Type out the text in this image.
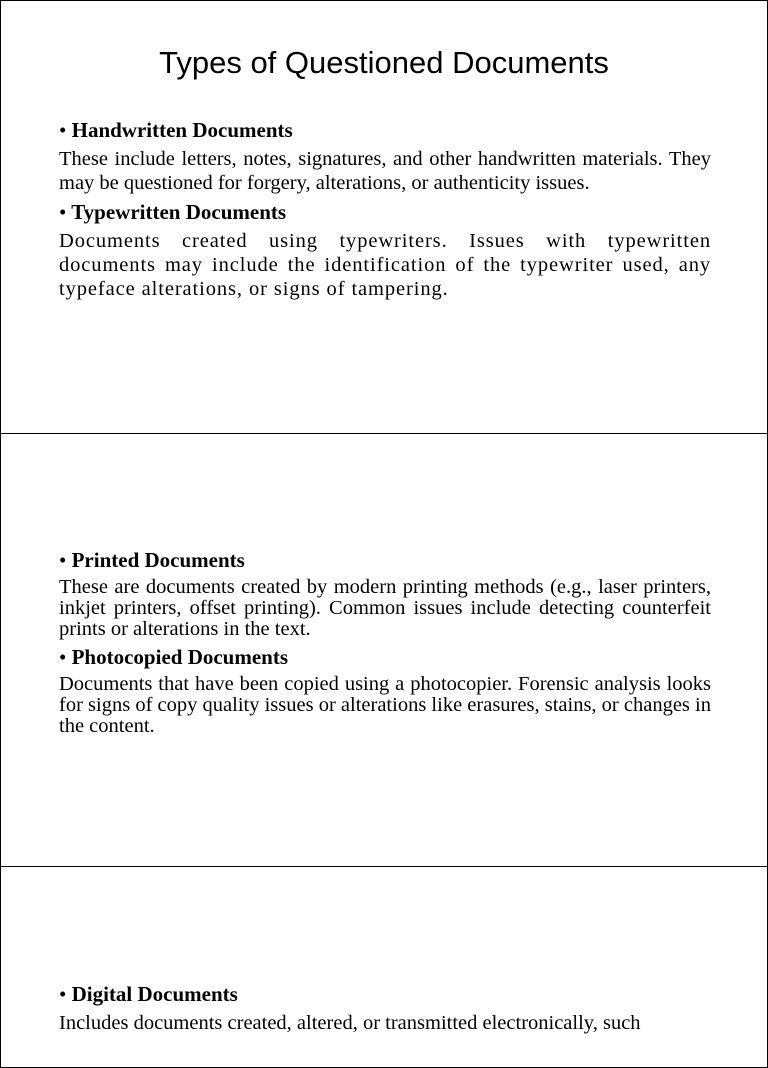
Types of Questioned Documents

• Handwritten Documents

These include letters, notes, signatures, and other handwritten materials. They may be questioned for forgery, alterations, or authenticity issues.

• Typewritten Documents

Documents created using typewriters. Issues with typewritten documents may include the identification of the typewriter used, any typeface alterations, or signs of tampering.

• Printed Documents

These are documents created by modern printing methods (e.g., laser printers, inkjet printers, offset printing). Common issues include detecting counterfeit prints or alterations in the text.

• Photocopied Documents

Documents that have been copied using a photocopier. Forensic analysis looks for signs of copy quality issues or alterations like erasures, stains, or changes in the content.

• Digital Documents

Includes documents created, altered, or transmitted electronically, such
